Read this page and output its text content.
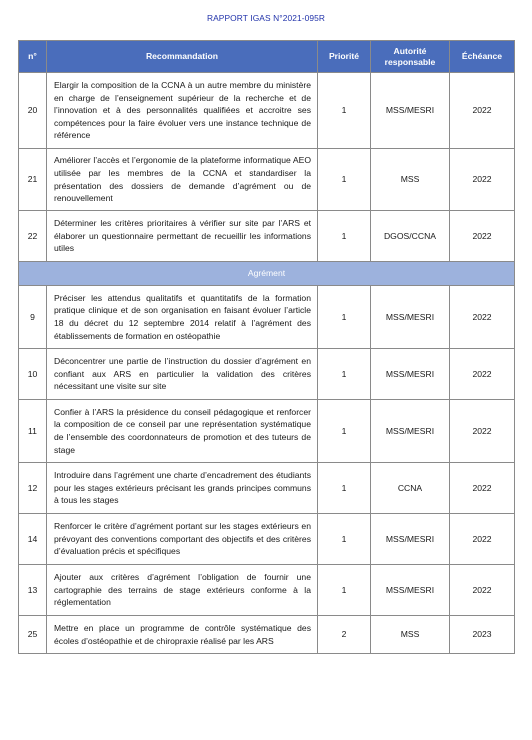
RAPPORT IGAS N°2021-095R
n°	Recommandation	Priorité	Autorité responsable	Échéance
20	Elargir la composition de la CCNA à un autre membre du ministère en charge de l’enseignement supérieur de la recherche et de l’innovation et à des personnalités qualifiées et accroitre ses compétences pour la faire évoluer vers une instance technique de référence	1	MSS/MESRI	2022
21	Améliorer l’accès et l’ergonomie de la plateforme informatique AEO utilisée par les membres de la CCNA et standardiser la présentation des dossiers de demande d’agrément ou de renouvellement	1	MSS	2022
22	Déterminer les critères prioritaires à vérifier sur site par l’ARS et élaborer un questionnaire permettant de recueillir les informations utiles	1	DGOS/CCNA	2022
Agrément				
9	Préciser les attendus qualitatifs et quantitatifs de la formation pratique clinique et de son organisation en faisant évoluer l’article 18 du décret du 12 septembre 2014 relatif à l’agrément des établissements de formation en ostéopathie	1	MSS/MESRI	2022
10	Déconcentrer une partie de l’instruction du dossier d’agrément en confiant aux ARS en particulier la validation des critères nécessitant une visite sur site	1	MSS/MESRI	2022
11	Confier à l’ARS la présidence du conseil pédagogique et renforcer la composition de ce conseil par une représentation systématique de l’ensemble des coordonnateurs de promotion et des tuteurs de stage	1	MSS/MESRI	2022
12	Introduire dans l’agrément une charte d’encadrement des étudiants pour les stages extérieurs précisant les grands principes communs à tous les stages	1	CCNA	2022
14	Renforcer le critère d’agrément portant sur les stages extérieurs en prévoyant des conventions comportant des objectifs et des critères d’évaluation précis et spécifiques	1	MSS/MESRI	2022
13	Ajouter aux critères d’agrément l’obligation de fournir une cartographie des terrains de stage extérieurs conforme à la réglementation	1	MSS/MESRI	2022
25	Mettre en place un programme de contrôle systématique des écoles d’ostéopathie et de chiropraxie réalisé par les ARS	2	MSS	2023
